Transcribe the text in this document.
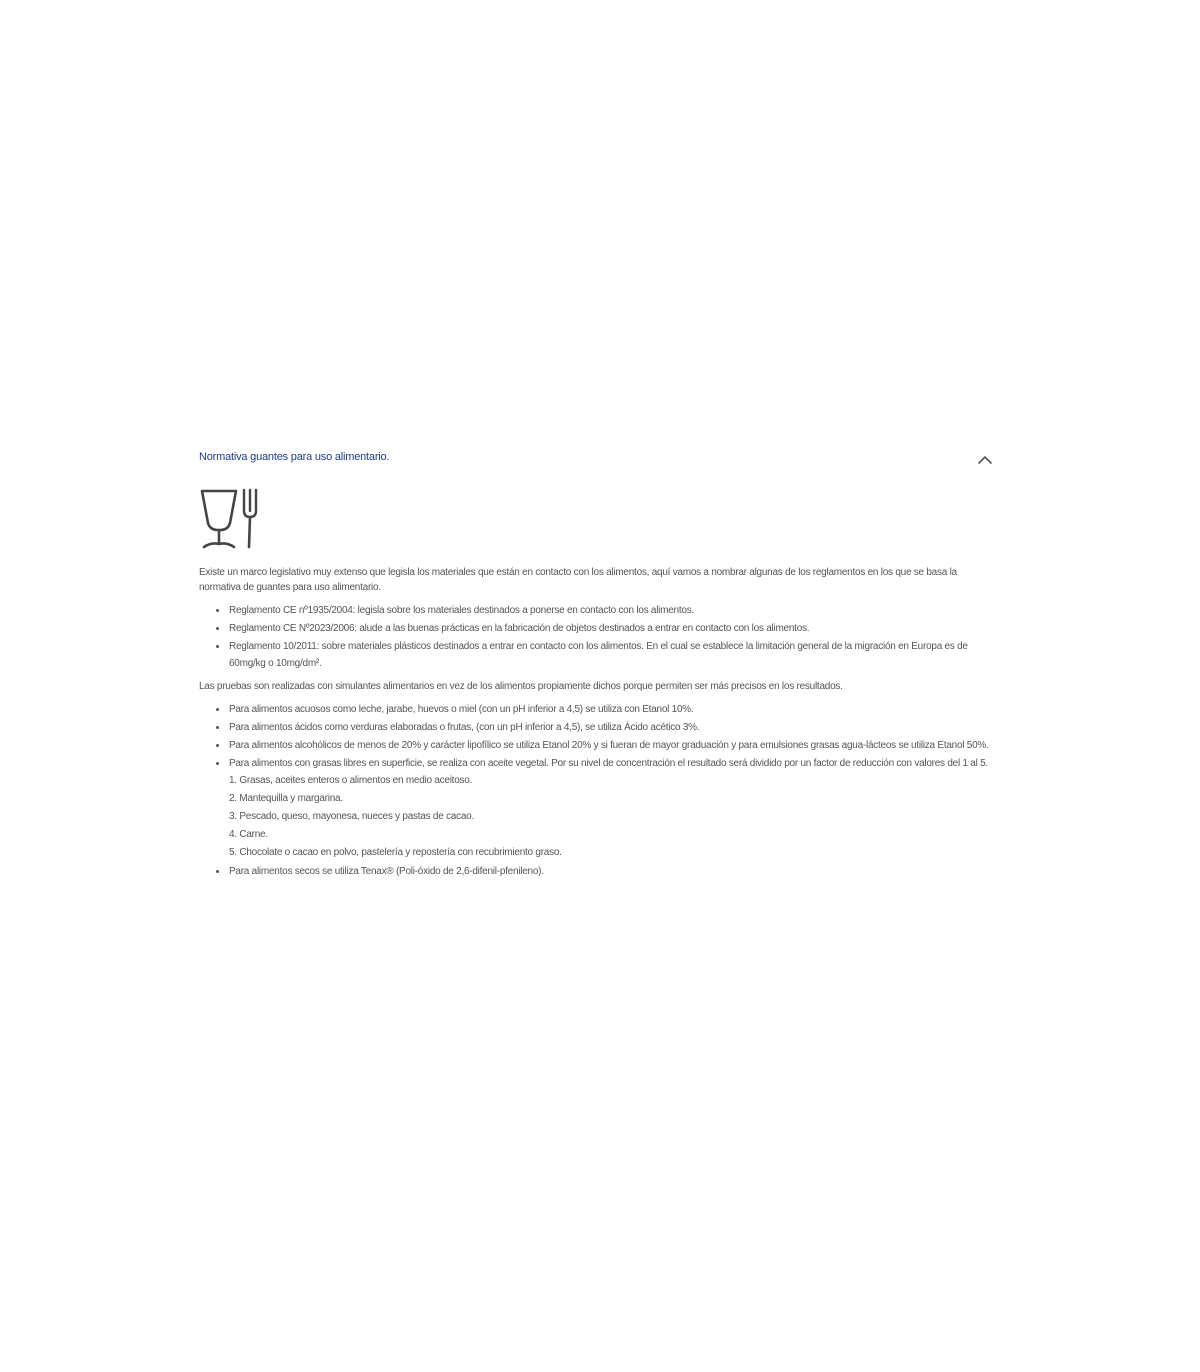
Normativa guantes para uso alimentario.

Existe un marco legislativo muy extenso que legisla los materiales que están en contacto con los alimentos, aquí vamos a nombrar algunas de los reglamentos en los que se basa la normativa de guantes para uso alimentario.

Reglamento CE nº1935/2004: legisla sobre los materiales destinados a ponerse en contacto con los alimentos.
Reglamento CE Nº2023/2006: alude a las buenas prácticas en la fabricación de objetos destinados a entrar en contacto con los alimentos.
Reglamento 10/2011: sobre materiales plásticos destinados a entrar en contacto con los alimentos. En el cual se establece la limitación general de la migración en Europa es de 60mg/kg o 10mg/dm².

Las pruebas son realizadas con simulantes alimentarios en vez de los alimentos propiamente dichos porque permiten ser más precisos en los resultados.

Para alimentos acuosos como leche, jarabe, huevos o miel (con un pH inferior a 4,5) se utiliza con Etanol 10%.
Para alimentos ácidos como verduras elaboradas o frutas, (con un pH inferior a 4,5), se utiliza Ácido acético 3%.
Para alimentos alcohólicos de menos de 20% y carácter lipofílico se utiliza Etanol 20% y si fueran de mayor graduación y para emulsiones grasas agua-lácteos se utiliza Etanol 50%.
Para alimentos con grasas libres en superficie, se realiza con aceite vegetal. Por su nivel de concentración el resultado será dividido por un factor de reducción con valores del 1 al 5.
1. Grasas, aceites enteros o alimentos en medio aceitoso.
2. Mantequilla y margarina.
3. Pescado, queso, mayonesa, nueces y pastas de cacao.
4. Carne.
5. Chocolate o cacao en polvo, pastelería y repostería con recubrimiento graso.
Para alimentos secos se utiliza Tenax® (Poli-óxido de 2,6-difenil-pfenileno).
